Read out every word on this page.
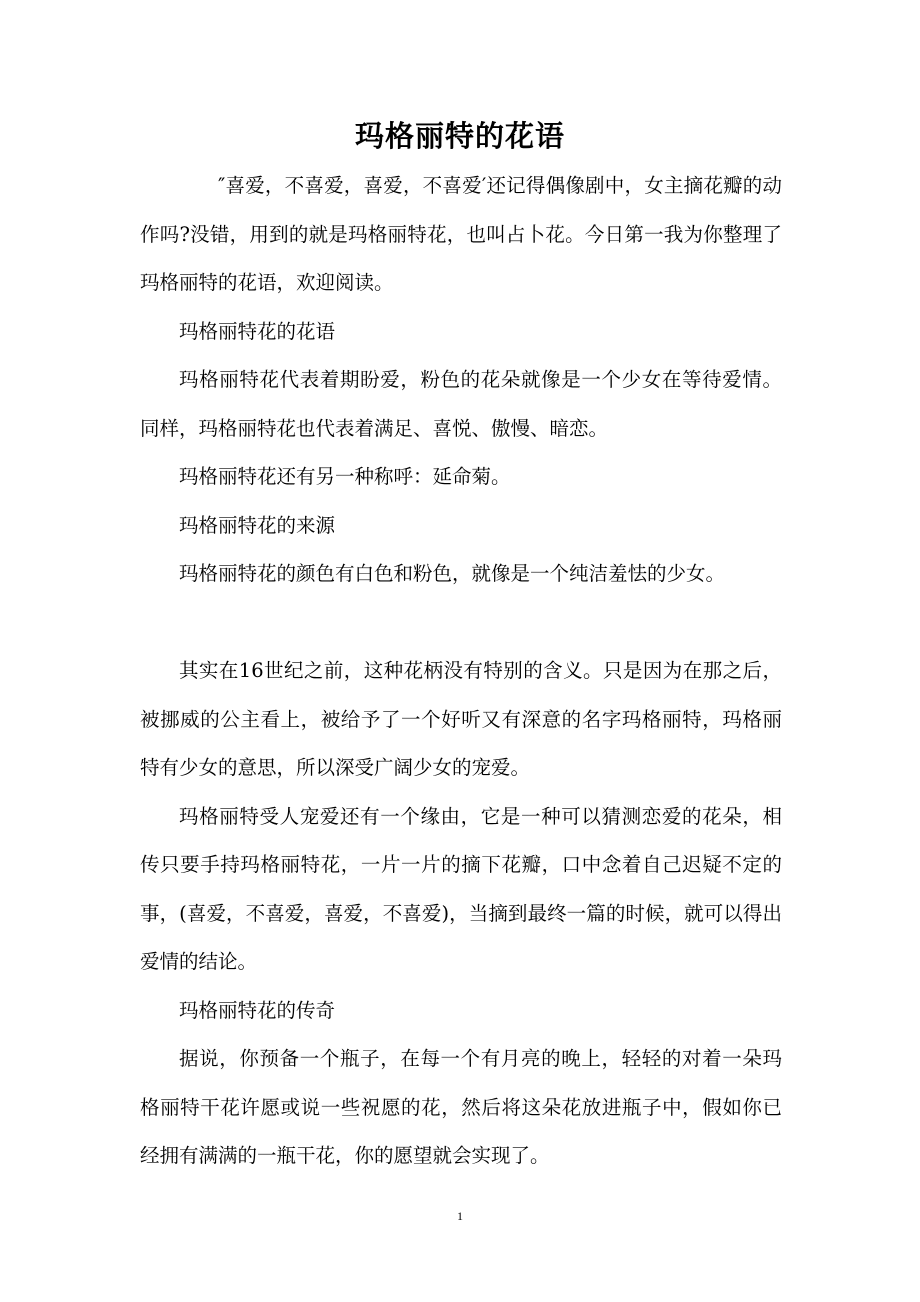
玛格丽特的花语

″喜爱，不喜爱，喜爱，不喜爱′还记得偶像剧中，女主摘花瓣的动作吗?没错，用到的就是玛格丽特花，也叫占卜花。今日第一我为你整理了玛格丽特的花语，欢迎阅读。

玛格丽特花的花语

玛格丽特花代表着期盼爱，粉色的花朵就像是一个少女在等待爱情。同样，玛格丽特花也代表着满足、喜悦、傲慢、暗恋。

玛格丽特花还有另一种称呼：延命菊。

玛格丽特花的来源

玛格丽特花的颜色有白色和粉色，就像是一个纯洁羞怯的少女。

其实在16世纪之前，这种花柄没有特别的含义。只是因为在那之后，被挪威的公主看上，被给予了一个好听又有深意的名字玛格丽特，玛格丽特有少女的意思，所以深受广阔少女的宠爱。

玛格丽特受人宠爱还有一个缘由，它是一种可以猜测恋爱的花朵，相传只要手持玛格丽特花，一片一片的摘下花瓣，口中念着自己迟疑不定的事，(喜爱，不喜爱，喜爱，不喜爱)，当摘到最终一篇的时候，就可以得出爱情的结论。

玛格丽特花的传奇

据说，你预备一个瓶子，在每一个有月亮的晚上，轻轻的对着一朵玛格丽特干花许愿或说一些祝愿的花，然后将这朵花放进瓶子中，假如你已经拥有满满的一瓶干花，你的愿望就会实现了。

1
